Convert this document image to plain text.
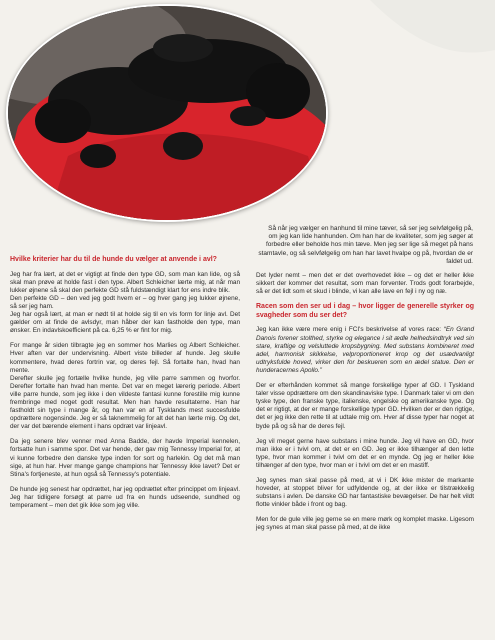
Så når jeg vælger en hanhund til mine tæver, så ser jeg selvfølgelig på, om jeg kan lide hanhunden. Om han har de kvaliteter, som jeg søger at forbedre eller beholde hos min tæve. Men jeg ser lige så meget på hans stamtavle, og så selvfølgelig om han har lavet hvalpe og på, hvordan de er faldet ud.
Hvilke kriterier har du til de hunde du vælger at anvende i avl?

Jeg har fra lært, at det er vigtigt at finde den type GD, som man kan lide, og så skal man prøve at holde fast i den type. Albert Schleicher lærte mig, at når man lukker øjnene så skal den perfekte GD stå fuldstændigt klart for ens indre blik.

Den perfekte GD – den ved jeg godt hvem er – og hver gang jeg lukker øjnene, så ser jeg ham.

Jeg har også lært, at man er nødt til at holde sig til en vis form for linje avl. Det gælder om at finde de avlsdyr, man håber der kan fastholde den type, man ønsker. En indavlskoefficient på ca. 6,25 % er fint for mig.

For mange år siden tilbragte jeg en sommer hos Marlies og Albert Schleicher. Hver aften var der undervisning. Albert viste billeder af hunde. Jeg skulle kommentere, hvad deres fortrin var, og deres fejl. Så fortalte han, hvad han mente.

Derefter skulle jeg fortælle hvilke hunde, jeg ville parre sammen og hvorfor. Derefter fortalte han hvad han mente. Det var en meget lærerig periode. Albert ville parre hunde, som jeg ikke i den vildeste fantasi kunne forestille mig kunne frembringe med noget godt resultat. Men han havde resultaterne. Han har fastholdt sin type i mange år, og han var en af Tysklands mest succesfulde opdrættere nogensinde. Jeg er så taknemmelig for alt det han lærte mig. Og det, der var det bærende element i hans opdræt var linjeavl.

Da jeg senere blev venner med Anna Badde, der havde Imperial kennelen, fortsatte hun i samme spor. Det var hende, der gav mig Tennessy Imperial for, at vi kunne forbedre den danske type inden for sort og harlekin. Og det må man sige, at hun har. Hver mange gange champions har Tennessy ikke lavet? Det er Stina's fortjeneste, at hun også så Tennessy's potentiale.

De hunde jeg senest har opdrættet, har jeg opdrættet efter princippet om linjeavl. Jeg har tidligere forsøgt at parre ud fra en hunds udseende, sundhed og temperament – men det gik ikke som jeg ville.

Det lyder nemt – men det er det overhovedet ikke – og det er heller ikke sikkert der kommer det resultat, som man forventer. Trods godt forarbejde, så er det lidt som et skud i blinde, vi kan alle lave en fejl i ny og næ.

Racen som den ser ud i dag – hvor ligger de generelle styrker og svagheder som du ser det?

Jeg kan ikke være mere enig i FCI's beskrivelse af vores race: “En Grand Danois forener stolthed, styrke og elegance i sit ædle helhedsindtryk ved sin stare, kraftige og velsluttede kropsbygning. Med substans kombineret med adel, harmonisk skikkelse, velproportioneret krop og det usædvanligt udtryksfulde hoved, virker den for beskueren som en ædel statue. Den er hunderacernes Apollo.”

Der er efterhånden kommet så mange forskellige typer af GD. I Tyskland taler visse opdrættere om den skandinaviske type. I Danmark taler vi om den tyske type, den franske type, italienske, engelske og amerikanske type. Og det er rigtigt, at der er mange forskellige typer GD. Hvilken der er den rigtige, det er jeg ikke den rette til at udtale mig om. Hver af disse typer har noget at byde på og så har de deres fejl.

Jeg vil meget gerne have substans i mine hunde. Jeg vil have en GD, hvor man ikke er i tvivl om, at det er en GD. Jeg er ikke tilhænger af den lette type, hvor man kommer i tvivl om det er en mynde. Og jeg er heller ikke tilhænger af den type, hvor man er i tvivl om det er en mastiff.

Jeg synes man skal passe på med, at vi i DK ikke mister de markante hoveder, at stoppet bliver for udfyldende og, at der ikke er tilstrækkelig substans i avlen. De danske GD har fantastiske bevægelser. De har helt vildt flotte vinkler både i front og bag.

Men for de gule ville jeg gerne se en mere mørk og komplet maske. Ligesom jeg synes at man skal passe på med, at de ikke
